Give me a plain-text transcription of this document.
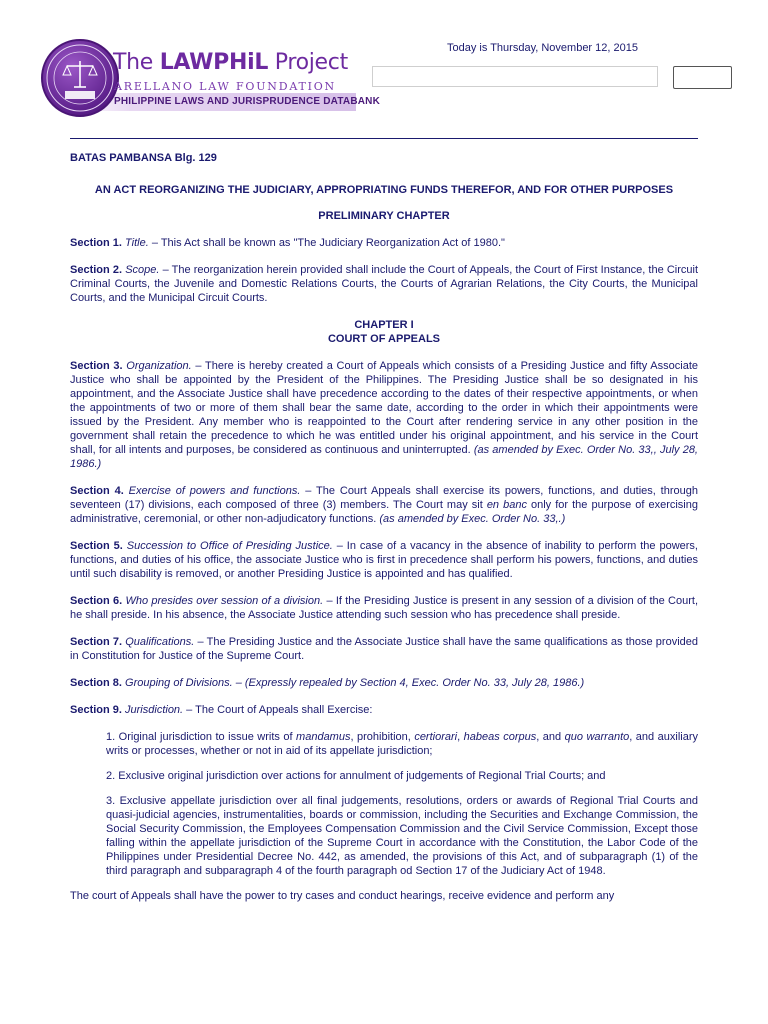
The LAWPHiL Project
ARELLANO LAW FOUNDATION
PHILIPPINE LAWS AND JURISPRUDENCE DATABANK
Today is Thursday, November 12, 2015

BATAS PAMBANSA Blg. 129

AN ACT REORGANIZING THE JUDICIARY, APPROPRIATING FUNDS THEREFOR, AND FOR OTHER PURPOSES

PRELIMINARY CHAPTER

Section 1. Title. – This Act shall be known as "The Judiciary Reorganization Act of 1980."

Section 2. Scope. – The reorganization herein provided shall include the Court of Appeals, the Court of First Instance, the Circuit Criminal Courts, the Juvenile and Domestic Relations Courts, the Courts of Agrarian Relations, the City Courts, the Municipal Courts, and the Municipal Circuit Courts.

CHAPTER I
COURT OF APPEALS

Section 3. Organization. – There is hereby created a Court of Appeals which consists of a Presiding Justice and fifty Associate Justice who shall be appointed by the President of the Philippines. The Presiding Justice shall be so designated in his appointment, and the Associate Justice shall have precedence according to the dates of their respective appointments, or when the appointments of two or more of them shall bear the same date, according to the order in which their appointments were issued by the President. Any member who is reappointed to the Court after rendering service in any other position in the government shall retain the precedence to which he was entitled under his original appointment, and his service in the Court shall, for all intents and purposes, be considered as continuous and uninterrupted. (as amended by Exec. Order No. 33,, July 28, 1986.)

Section 4. Exercise of powers and functions. – The Court Appeals shall exercise its powers, functions, and duties, through seventeen (17) divisions, each composed of three (3) members. The Court may sit en banc only for the purpose of exercising administrative, ceremonial, or other non-adjudicatory functions. (as amended by Exec. Order No. 33,.)

Section 5. Succession to Office of Presiding Justice. – In case of a vacancy in the absence of inability to perform the powers, functions, and duties of his office, the associate Justice who is first in precedence shall perform his powers, functions, and duties until such disability is removed, or another Presiding Justice is appointed and has qualified.

Section 6. Who presides over session of a division. – If the Presiding Justice is present in any session of a division of the Court, he shall preside. In his absence, the Associate Justice attending such session who has precedence shall preside.

Section 7. Qualifications. – The Presiding Justice and the Associate Justice shall have the same qualifications as those provided in Constitution for Justice of the Supreme Court.

Section 8. Grouping of Divisions. – (Expressly repealed by Section 4, Exec. Order No. 33, July 28, 1986.)

Section 9. Jurisdiction. – The Court of Appeals shall Exercise:

1. Original jurisdiction to issue writs of mandamus, prohibition, certiorari, habeas corpus, and quo warranto, and auxiliary writs or processes, whether or not in aid of its appellate jurisdiction;

2. Exclusive original jurisdiction over actions for annulment of judgements of Regional Trial Courts; and

3. Exclusive appellate jurisdiction over all final judgements, resolutions, orders or awards of Regional Trial Courts and quasi-judicial agencies, instrumentalities, boards or commission, including the Securities and Exchange Commission, the Social Security Commission, the Employees Compensation Commission and the Civil Service Commission, Except those falling within the appellate jurisdiction of the Supreme Court in accordance with the Constitution, the Labor Code of the Philippines under Presidential Decree No. 442, as amended, the provisions of this Act, and of subparagraph (1) of the third paragraph and subparagraph 4 of the fourth paragraph od Section 17 of the Judiciary Act of 1948.

The court of Appeals shall have the power to try cases and conduct hearings, receive evidence and perform any
